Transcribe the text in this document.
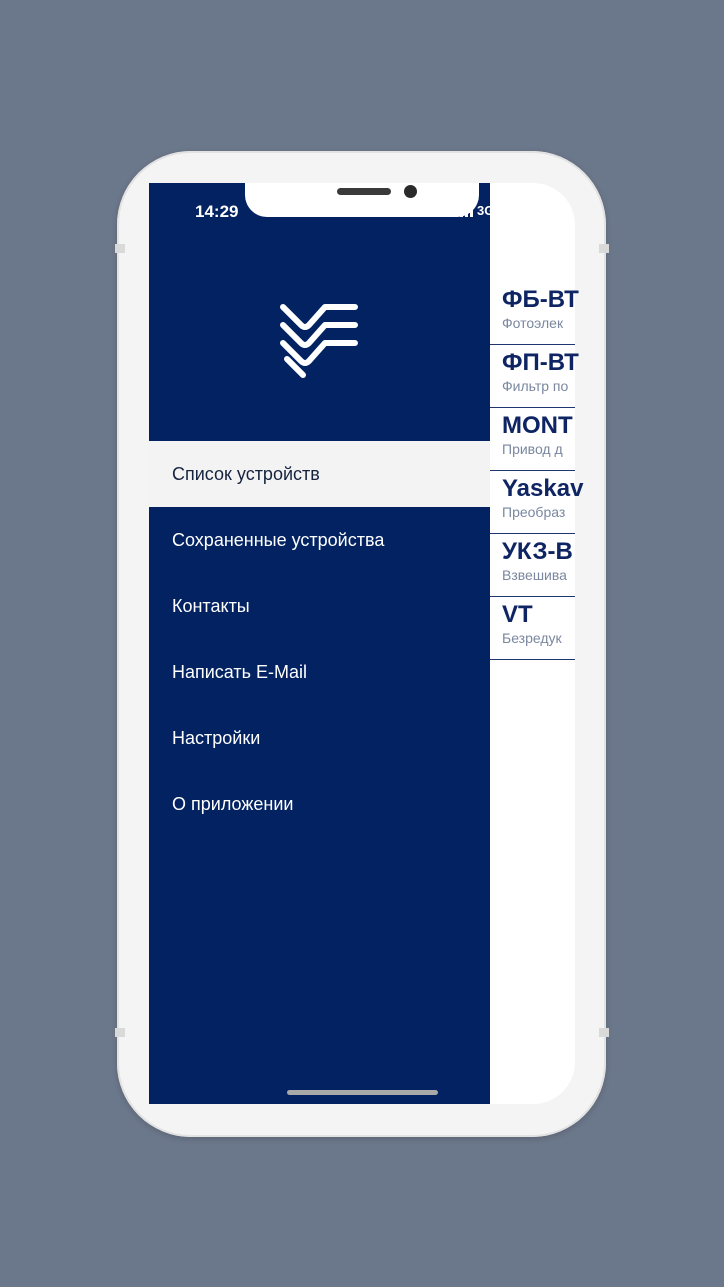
ФБ-ВТ
Фотоэлек
ФП-ВТ
Фильтр по
MONT
Привод д
Yaskav
Преобраз
УКЗ-В
Взвешива
VT
Безредук
14:29	3G
Меню
Список устройств
Сохраненные устройства
Контакты
Написать E-Mail
Настройки
О приложении
